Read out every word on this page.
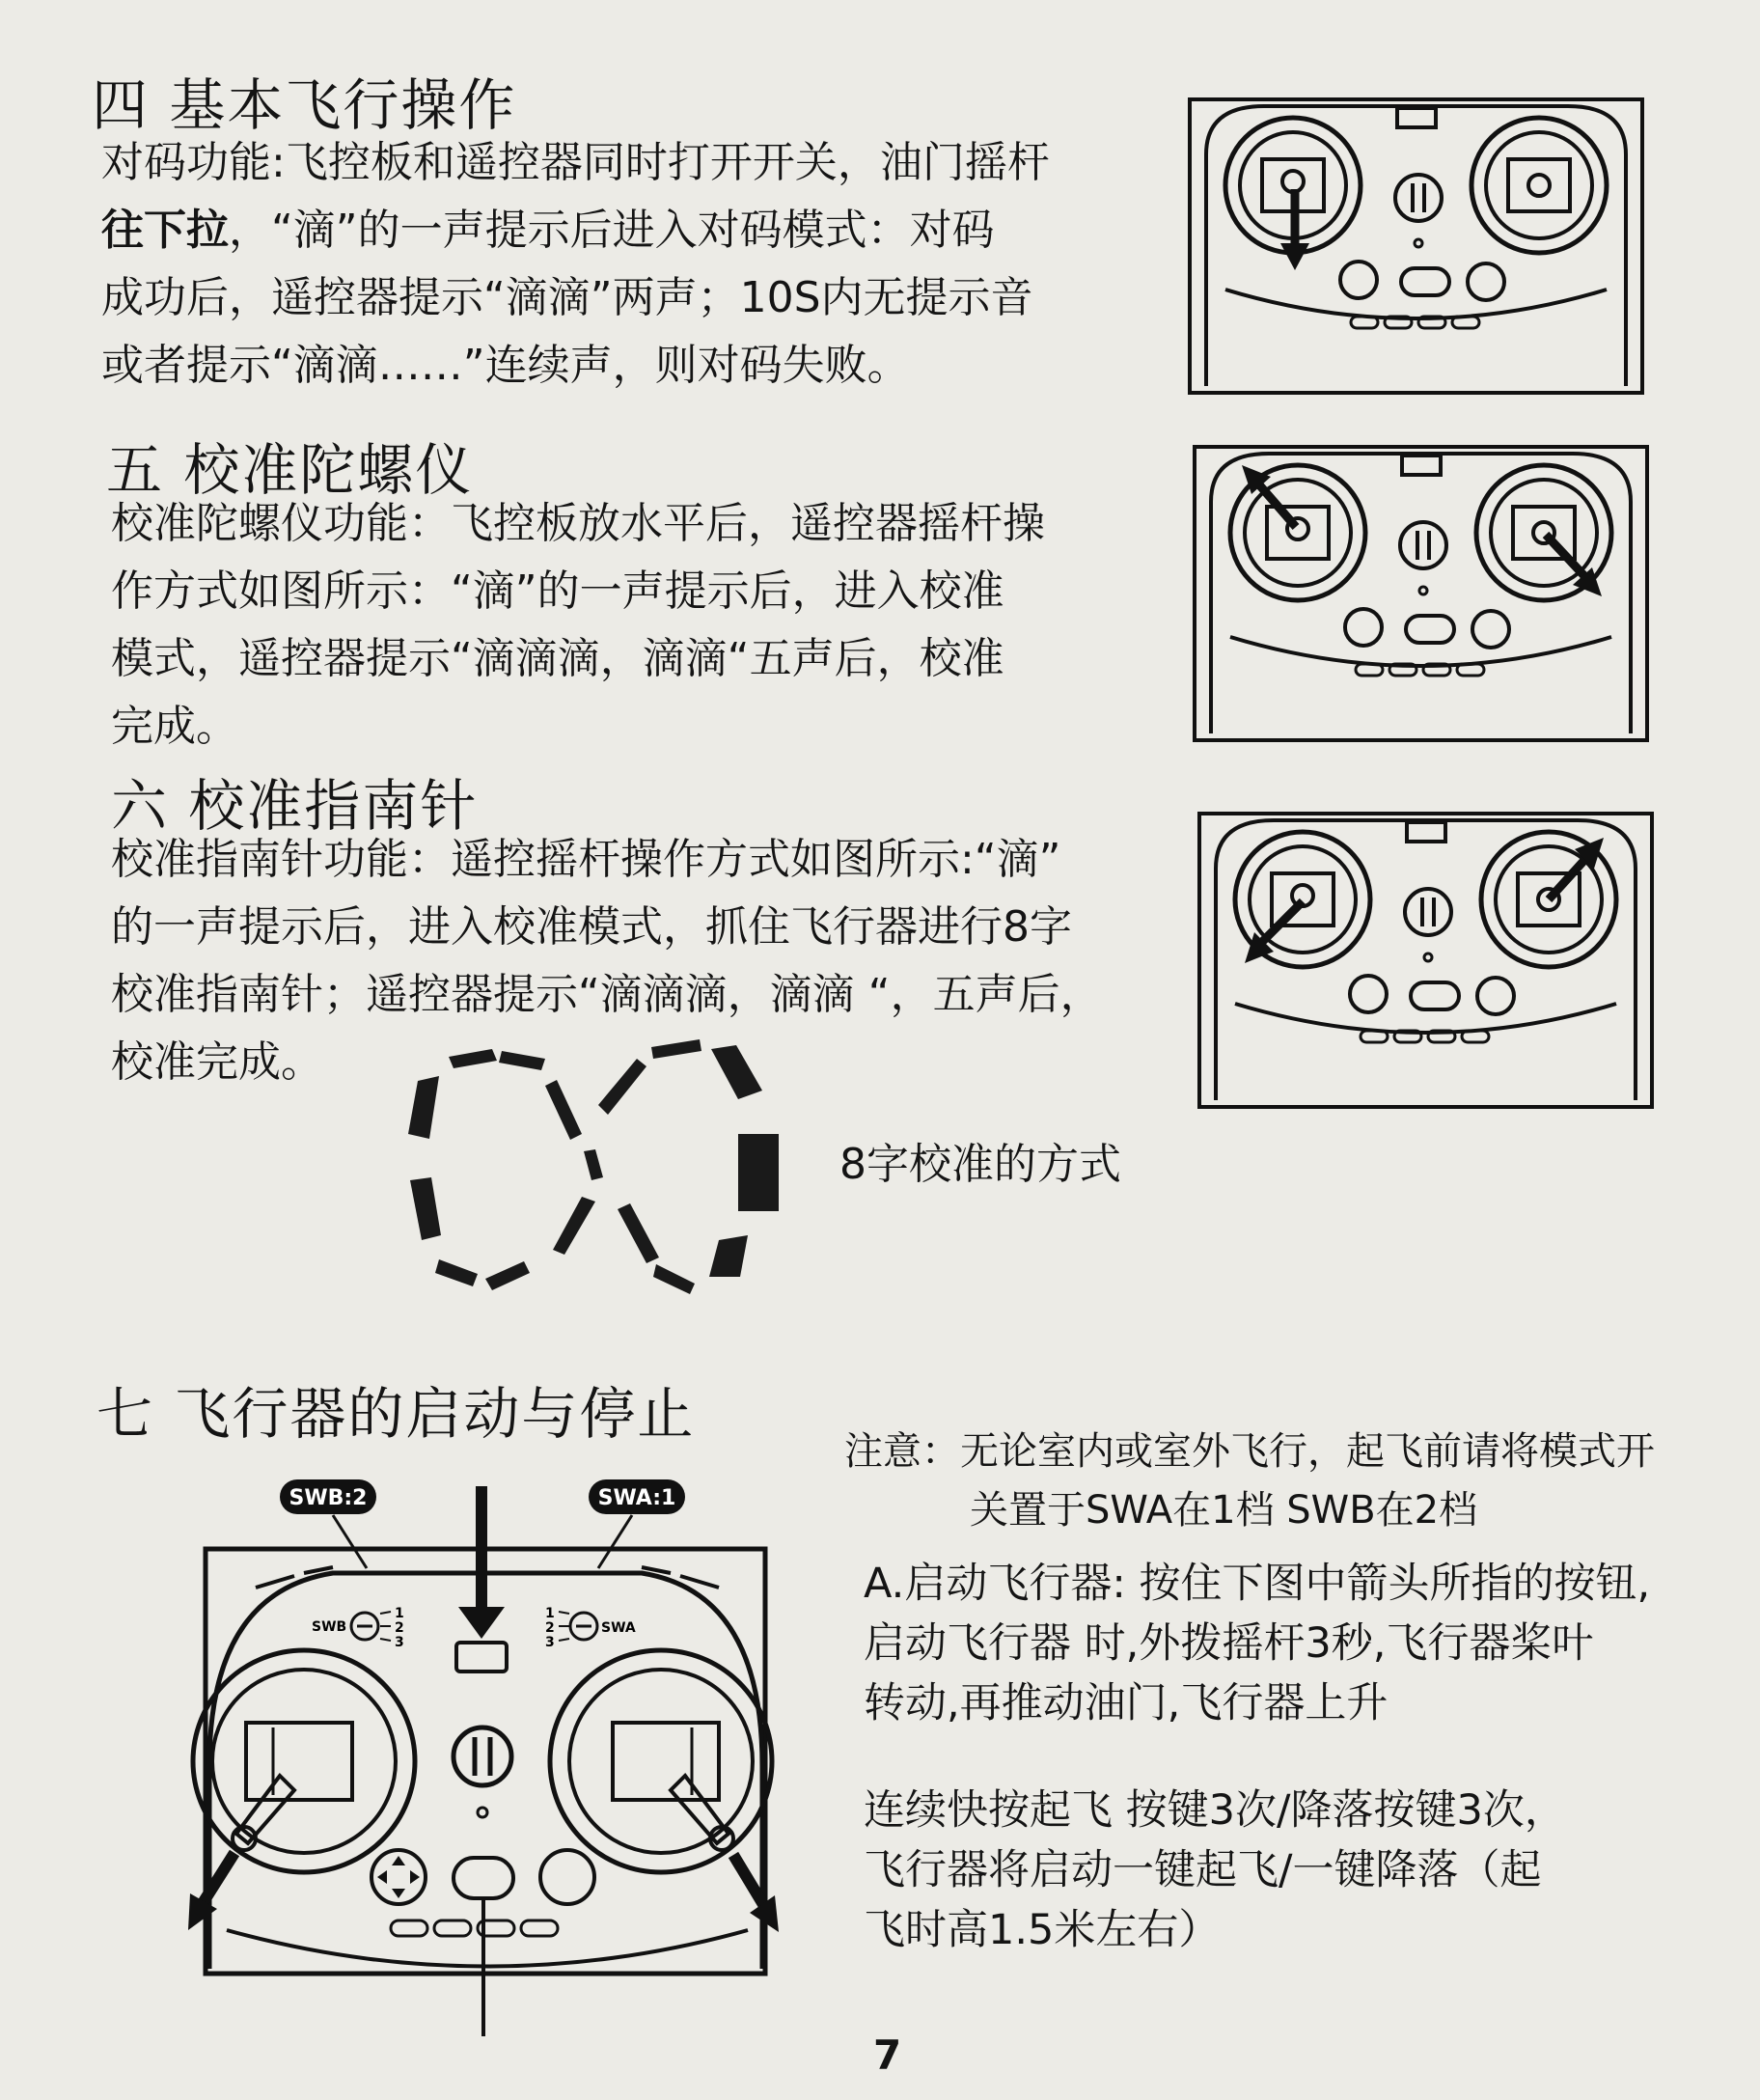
四 基本飞行操作
对码功能:飞控板和遥控器同时打开开关，油门摇杆
往下拉，“滴”的一声提示后进入对码模式：对码
成功后，遥控器提示“滴滴”两声；10S内无提示音
或者提示“滴滴……”连续声，则对码失败。
五 校准陀螺仪
校准陀螺仪功能：飞控板放水平后，遥控器摇杆操
作方式如图所示：“滴”的一声提示后，进入校准
模式，遥控器提示“滴滴滴，滴滴“五声后，校准
完成。
六 校准指南针
校准指南针功能：遥控摇杆操作方式如图所示:“滴”
的一声提示后，进入校准模式，抓住飞行器进行8字
校准指南针；遥控器提示“滴滴滴，滴滴 “，五声后，
校准完成。
8字校准的方式
七 飞行器的启动与停止
注意：无论室内或室外飞行，起飞前请将模式开
关置于SWA在1档 SWB在2档
A.启动飞行器: 按住下图中箭头所指的按钮,
启动飞行器 时,外拨摇杆3秒,飞行器桨叶
转动,再推动油门,飞行器上升
连续快按起飞 按键3次/降落按键3次，
飞行器将启动一键起飞/一键降落（起
飞时高1.5米左右）
SWB:2	SWA:1
SWB
1
2
3
1
2
3
SWA
7
